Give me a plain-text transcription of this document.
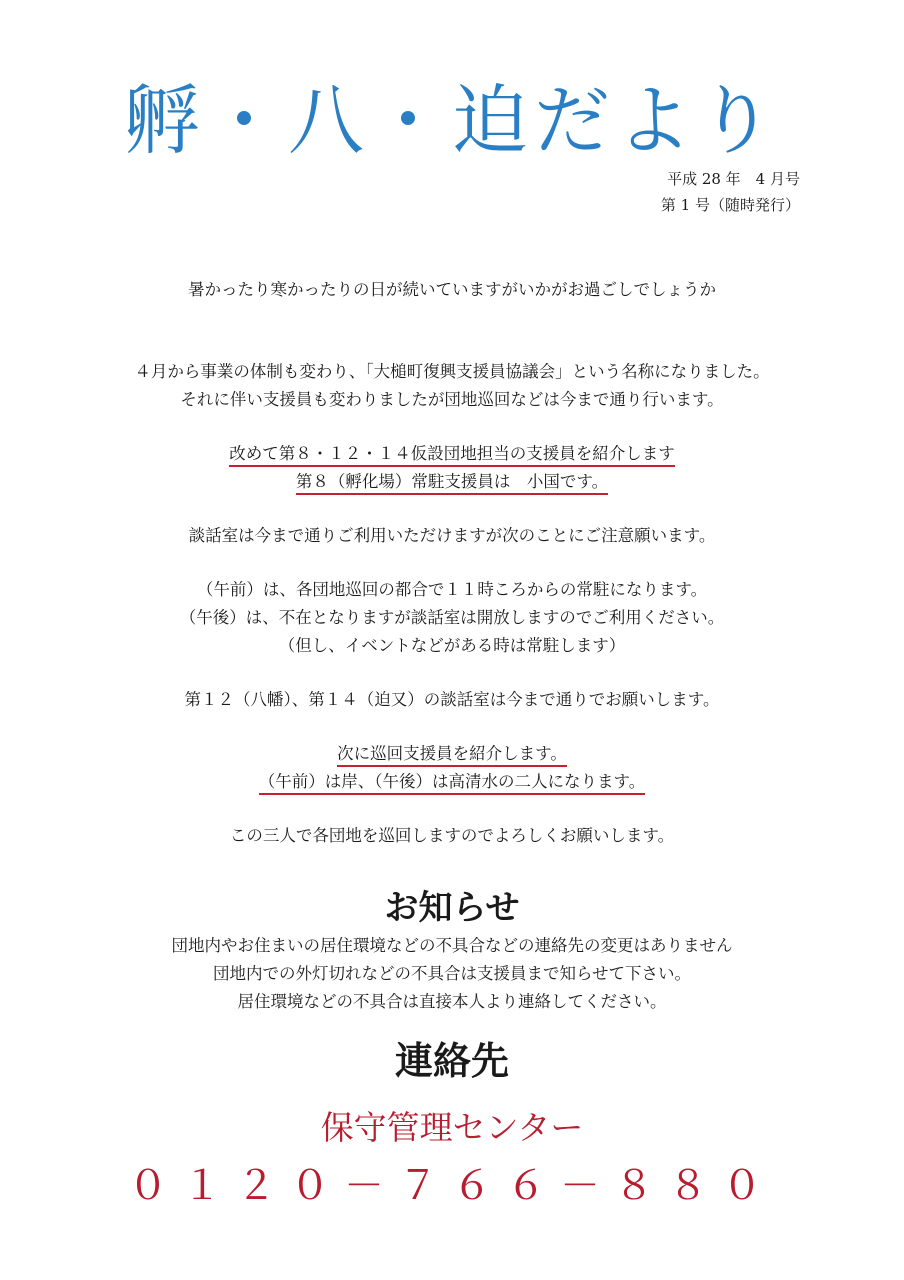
孵・八・迫だより
平成 28 年　4 月号
第 1 号（随時発行）
暑かったり寒かったりの日が続いていますがいかがお過ごしでしょうか
４月から事業の体制も変わり、「大槌町復興支援員協議会」という名称になりました。
それに伴い支援員も変わりましたが団地巡回などは今まで通り行います。
改めて第８・１２・１４仮設団地担当の支援員を紹介します
第８（孵化場）常駐支援員は　小国です。
談話室は今まで通りご利用いただけますが次のことにご注意願います。
（午前）は、各団地巡回の都合で１１時ころからの常駐になります。
（午後）は、不在となりますが談話室は開放しますのでご利用ください。
（但し、イベントなどがある時は常駐します）
第１２（八幡）、第１４（迫又）の談話室は今まで通りでお願いします。
次に巡回支援員を紹介します。
（午前）は岸、（午後）は高清水の二人になります。
この三人で各団地を巡回しますのでよろしくお願いします。
お知らせ
団地内やお住まいの居住環境などの不具合などの連絡先の変更はありません
団地内での外灯切れなどの不具合は支援員まで知らせて下さい。
居住環境などの不具合は直接本人より連絡してください。
連絡先
保守管理センター
０１２０－７６６－８８０
